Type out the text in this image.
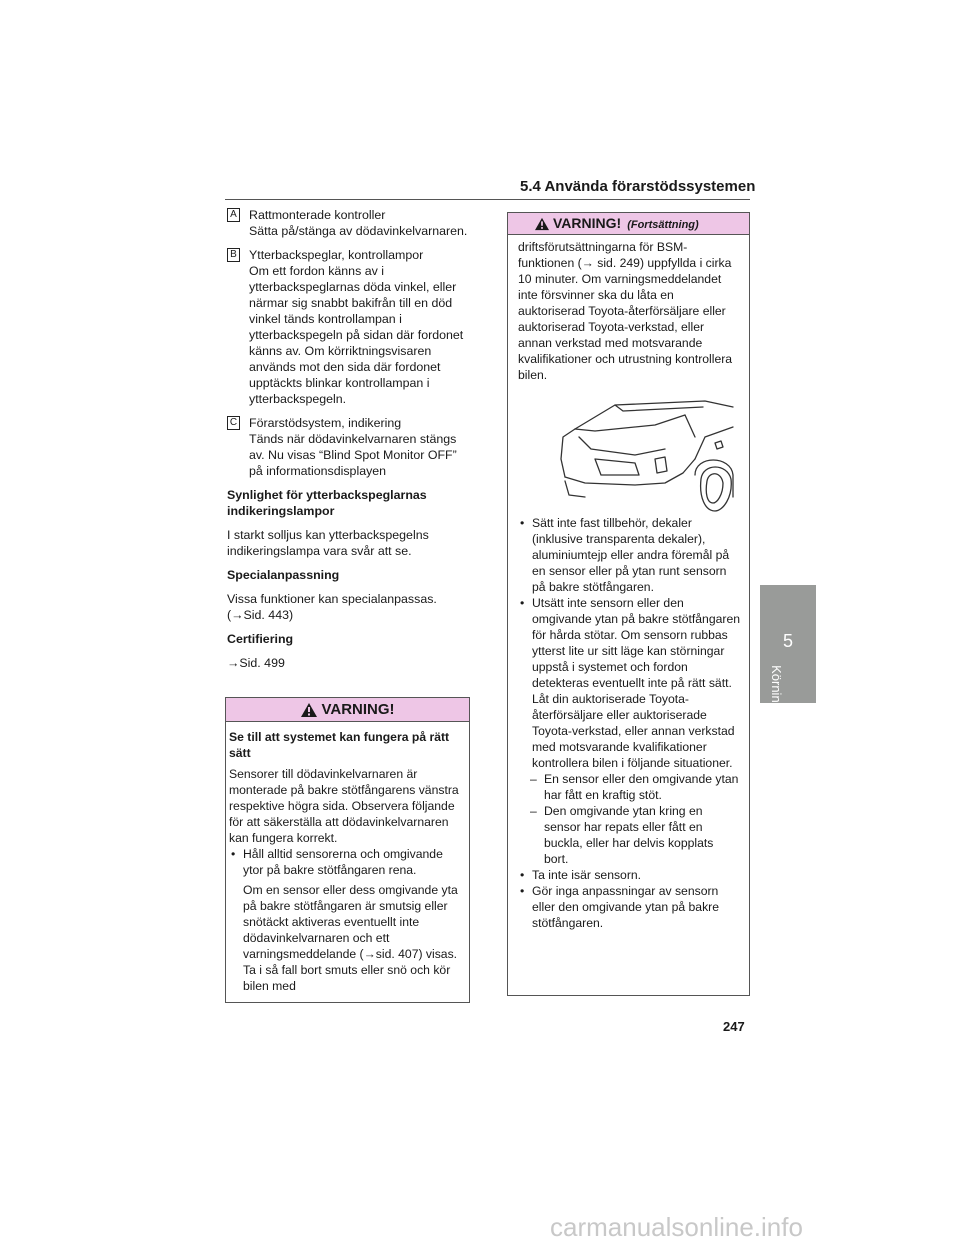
5.4 Använda förarstödssystemen
A Rattmonterade kontroller
Sätta på/stänga av dödavinkelvarnaren.
B Ytterbackspeglar, kontrollampor
Om ett fordon känns av i ytterbackspeglarnas döda vinkel, eller närmar sig snabbt bakifrån till en död vinkel tänds kontrollampan i ytterbackspegeln på sidan där fordonet känns av. Om körriktningsvisaren används mot den sida där fordonet upptäckts blinkar kontrollampan i ytterbackspegeln.
C Förarstödsystem, indikering
Tänds när dödavinkelvarnaren stängs av. Nu visas “Blind Spot Monitor OFF” på informationsdisplayen
Synlighet för ytterbackspeglarnas indikeringslampor
I starkt solljus kan ytterbackspegelns indikeringslampa vara svår att se.
Specialanpassning
Vissa funktioner kan specialanpassas. (→Sid. 443)
Certifiering
→Sid. 499
VARNING!
Se till att systemet kan fungera på rätt sätt
Sensorer till dödavinkelvarnaren är monterade på bakre stötfångarens vänstra respektive högra sida. Observera följande för att säkerställa att dödavinkelvarnaren kan fungera korrekt.
• Håll alltid sensorerna och omgivande ytor på bakre stötfångaren rena.
Om en sensor eller dess omgivande yta på bakre stötfångaren är smutsig eller snötäckt aktiveras eventuellt inte dödavinkelvarnaren och ett varningsmeddelande (→sid. 407) visas. Ta i så fall bort smuts eller snö och kör bilen med
VARNING! (Fortsättning)
driftsförutsättningarna för BSM-funktionen (→ sid. 249) uppfyllda i cirka 10 minuter. Om varningsmeddelandet inte försvinner ska du låta en auktoriserad Toyota-återförsäljare eller auktoriserad Toyota-verkstad, eller annan verkstad med motsvarande kvalifikationer och utrustning kontrollera bilen.
• Sätt inte fast tillbehör, dekaler (inklusive transparenta dekaler), aluminiumtejp eller andra föremål på en sensor eller på ytan runt sensorn på bakre stötfångaren.
• Utsätt inte sensorn eller den omgivande ytan på bakre stötfångaren för hårda stötar. Om sensorn rubbas ytterst lite ur sitt läge kan störningar uppstå i systemet och fordon detekteras eventuellt inte på rätt sätt. Låt din auktoriserade Toyota-återförsäljare eller auktoriserade Toyota-verkstad, eller annan verkstad med motsvarande kvalifikationer kontrollera bilen i följande situationer.
– En sensor eller den omgivande ytan har fått en kraftig stöt.
– Den omgivande ytan kring en sensor har repats eller fått en buckla, eller har delvis kopplats bort.
• Ta inte isär sensorn.
• Gör inga anpassningar av sensorn eller den omgivande ytan på bakre stötfångaren.
5
Körning
247
carmanualsonline.info
